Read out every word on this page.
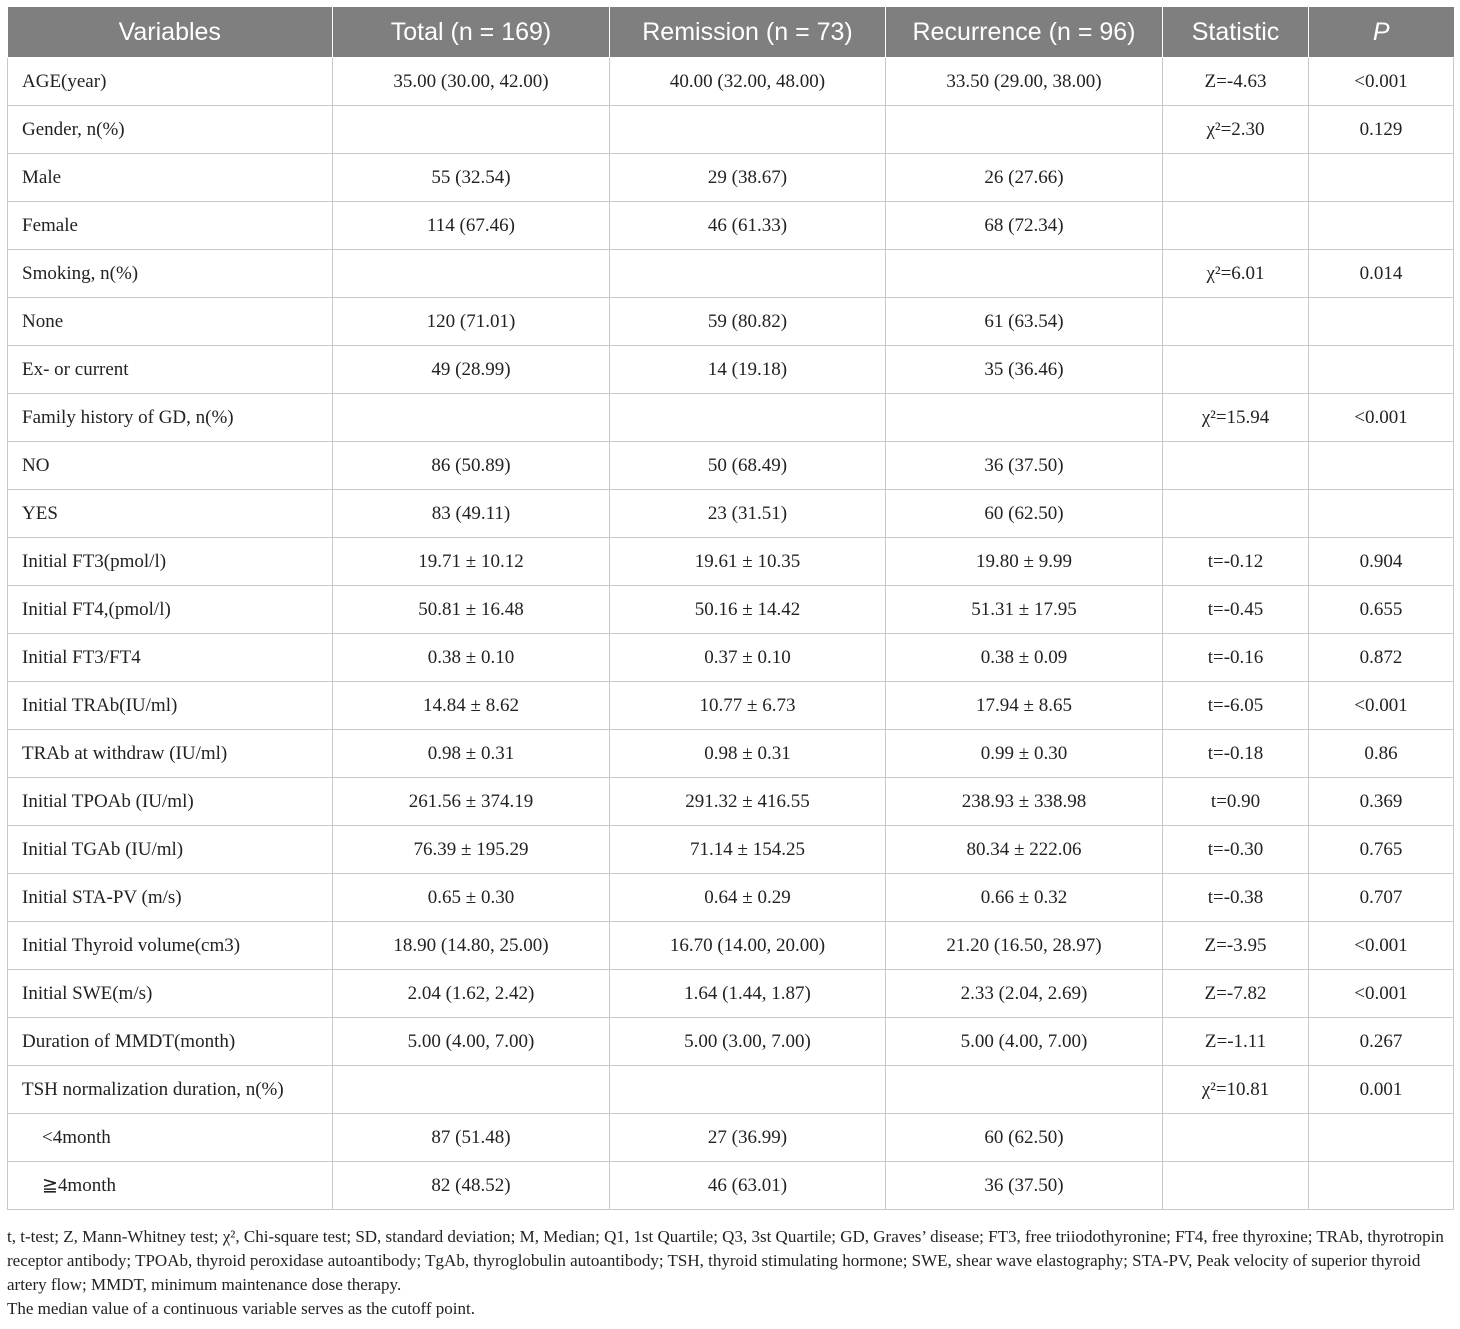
Variables	Total (n = 169)	Remission (n = 73)	Recurrence (n = 96)	Statistic	P
AGE(year)	35.00 (30.00, 42.00)	40.00 (32.00, 48.00)	33.50 (29.00, 38.00)	Z=-4.63	<0.001
Gender, n(%)				χ²=2.30	0.129
Male	55 (32.54)	29 (38.67)	26 (27.66)		
Female	114 (67.46)	46 (61.33)	68 (72.34)		
Smoking, n(%)				χ²=6.01	0.014
None	120 (71.01)	59 (80.82)	61 (63.54)		
Ex- or current	49 (28.99)	14 (19.18)	35 (36.46)		
Family history of GD, n(%)				χ²=15.94	<0.001
NO	86 (50.89)	50 (68.49)	36 (37.50)		
YES	83 (49.11)	23 (31.51)	60 (62.50)		
Initial FT3(pmol/l)	19.71 ± 10.12	19.61 ± 10.35	19.80 ± 9.99	t=-0.12	0.904
Initial FT4,(pmol/l)	50.81 ± 16.48	50.16 ± 14.42	51.31 ± 17.95	t=-0.45	0.655
Initial FT3/FT4	0.38 ± 0.10	0.37 ± 0.10	0.38 ± 0.09	t=-0.16	0.872
Initial TRAb(IU/ml)	14.84 ± 8.62	10.77 ± 6.73	17.94 ± 8.65	t=-6.05	<0.001
TRAb at withdraw (IU/ml)	0.98 ± 0.31	0.98 ± 0.31	0.99 ± 0.30	t=-0.18	0.86
Initial TPOAb (IU/ml)	261.56 ± 374.19	291.32 ± 416.55	238.93 ± 338.98	t=0.90	0.369
Initial TGAb (IU/ml)	76.39 ± 195.29	71.14 ± 154.25	80.34 ± 222.06	t=-0.30	0.765
Initial STA-PV (m/s)	0.65 ± 0.30	0.64 ± 0.29	0.66 ± 0.32	t=-0.38	0.707
Initial Thyroid volume(cm3)	18.90 (14.80, 25.00)	16.70 (14.00, 20.00)	21.20 (16.50, 28.97)	Z=-3.95	<0.001
Initial SWE(m/s)	2.04 (1.62, 2.42)	1.64 (1.44, 1.87)	2.33 (2.04, 2.69)	Z=-7.82	<0.001
Duration of MMDT(month)	5.00 (4.00, 7.00)	5.00 (3.00, 7.00)	5.00 (4.00, 7.00)	Z=-1.11	0.267
TSH normalization duration, n(%)				χ²=10.81	0.001
<4month	87 (51.48)	27 (36.99)	60 (62.50)		
≧4month	82 (48.52)	46 (63.01)	36 (37.50)		

t, t-test; Z, Mann-Whitney test; χ², Chi-square test; SD, standard deviation; M, Median; Q1, 1st Quartile; Q3, 3st Quartile; GD, Graves’ disease; FT3, free triiodothyronine; FT4, free thyroxine; TRAb, thyrotropin receptor antibody; TPOAb, thyroid peroxidase autoantibody; TgAb, thyroglobulin autoantibody; TSH, thyroid stimulating hormone; SWE, shear wave elastography; STA-PV, Peak velocity of superior thyroid artery flow; MMDT, minimum maintenance dose therapy.

The median value of a continuous variable serves as the cutoff point.
